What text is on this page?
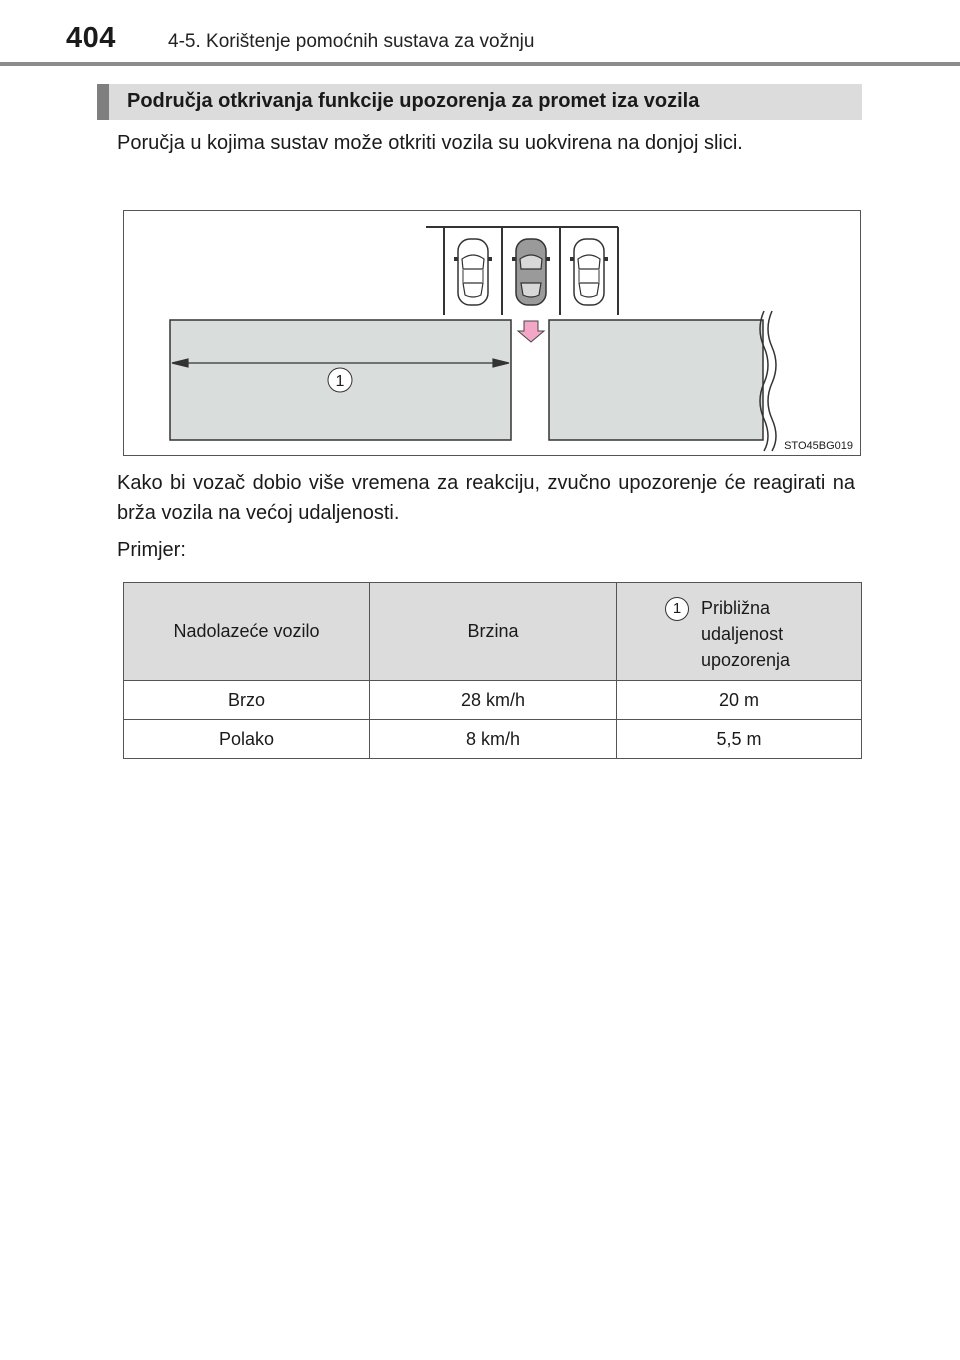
404	4-5. Korištenje pomoćnih sustava za vožnju
Područja otkrivanja funkcije upozorenja za promet iza vozila
Poručja u kojima sustav može otkriti vozila su uokvirena na donjoj slici.
1
STO45BG019
Kako bi vozač dobio više vremena za reakciju, zvučno upozorenje će reagirati na brža vozila na većoj udaljenosti.
Primjer:
Nadolazeće vozilo	Brzina	1 Približna udaljenost upozorenja

Brzo	28 km/h	20 m
Polako	8 km/h	5,5 m
